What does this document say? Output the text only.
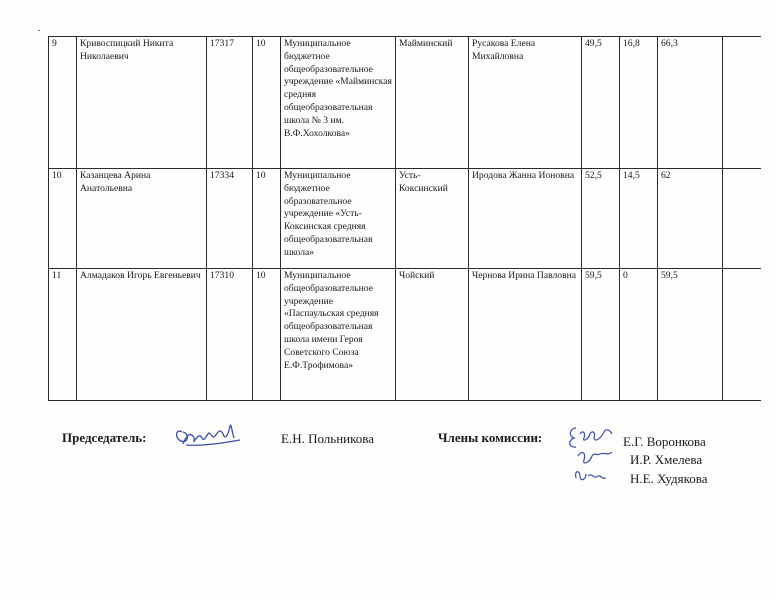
9	Кривоспицкий Никита Николаевич	17317	10	Муниципальное бюджетное общеобразовательное учреждение «Майминская средняя общеобразовательная школа № 3 им. В.Ф.Хохолкова»	Майминский	Русакова Елена Михайловна	49,5	16,8	66,3	
10	Казанцева Арина Анатольевна	17334	10	Муниципальное бюджетное образовательное учреждение «Усть-Коксинская средняя общеобразовательная школа»	Усть-Коксинский	Иродова Жанна Ионовна	52,5	14,5	62	
11	Алмадаков Игорь Евгеньевич	17310	10	Муниципальное общеобразовательное учреждение «Паспаульская средняя общеобразовательная школа имени Героя Советского Союза Е.Ф.Трофимова»	Чойский	Чернова Ирина Павловна	59,5	0	59,5	
Председатель:	Е.Н. Польникова	Члены комиссии:	Е.Г. Воронкова
И.Р. Хмелева
Н.Е. Худякова
